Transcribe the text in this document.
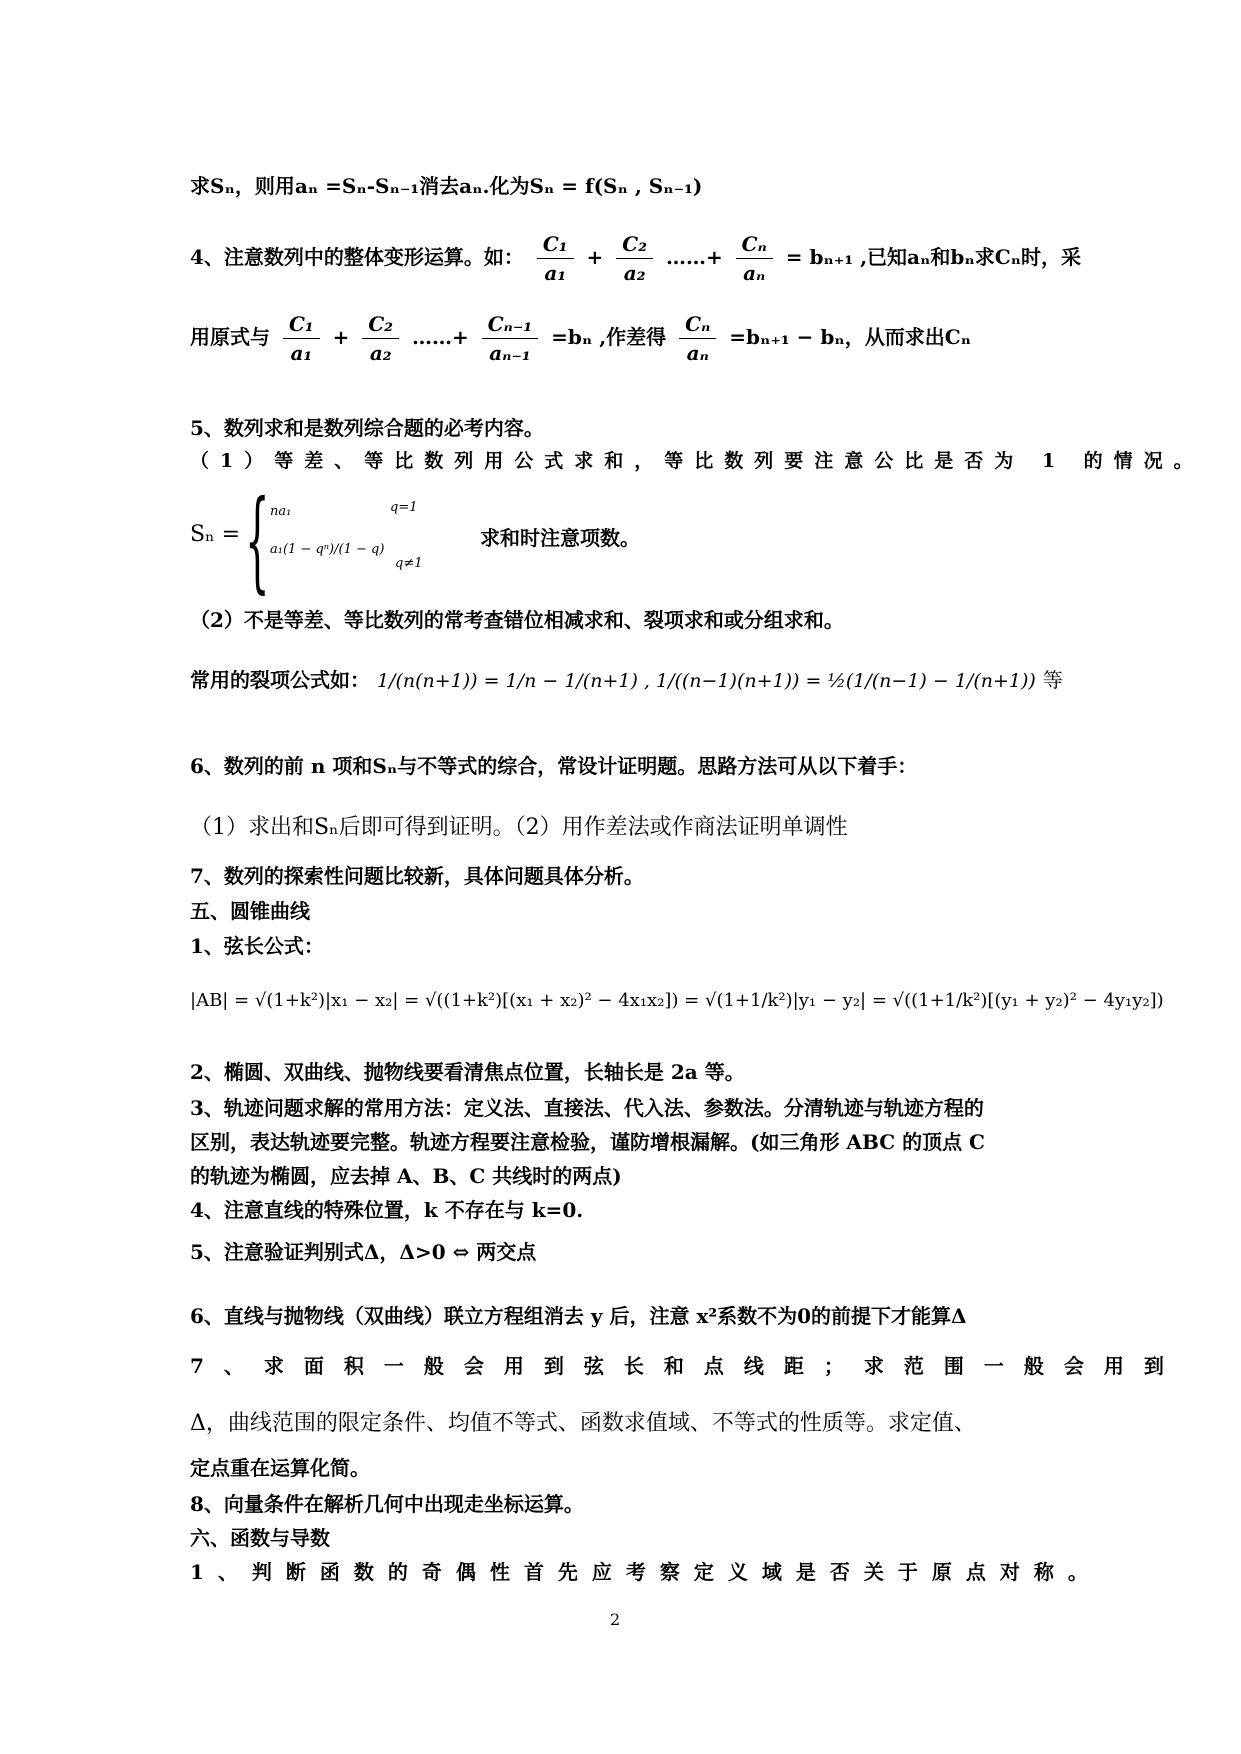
求Sₙ，则用aₙ =Sₙ-Sₙ₋₁消去aₙ.化为Sₙ = f(Sₙ , Sₙ₋₁)
4、注意数列中的整体变形运算。如： $\frac{\text{C₁}}{\text{a₁}} + \frac{\text{C₂}}{\text{a₂}}$ ……+ $\frac{\text{Cₙ}}{\text{aₙ}} = b_{n+1}$ ,已知aₙ和bₙ求Cₙ时，采
用原式与 $\frac{\text{C₁}}{\text{a₁}} + \frac{\text{C₂}}{\text{a₂}}$ ……+ $\frac{\text{Cₙ₋₁}}{\text{aₙ₋₁}} =b_n$ ,作差得 $\frac{\text{Cₙ}}{\text{aₙ}} =b_{n+1} - b_n$，从而求出Cₙ
5、数列求和是数列综合题的必考内容。
（1）等差、等比数列用公式求和，等比数列要注意公比是否为 1 的情况。
Sₙ = { na₁	q=1
a₁(1 − qⁿ)/(1 − q)
q≠1
求和时注意项数。
（2）不是等差、等比数列的常考查错位相减求和、裂项求和或分组求和。
常用的裂项公式如： 1/(n(n+1)) = 1/n − 1/(n+1) , 1/((n−1)(n+1)) = ½(1/(n−1) − 1/(n+1)) 等
6、数列的前 n 项和Sₙ与不等式的综合，常设计证明题。思路方法可从以下着手：
（1）求出和Sₙ后即可得到证明。（2）用作差法或作商法证明单调性
7、数列的探索性问题比较新，具体问题具体分析。
五、圆锥曲线
1、弦长公式：
|AB| = √(1+k²)|x₁ − x₂| = √((1+k²)[(x₁ + x₂)² − 4x₁x₂]) = √(1+1/k²)|y₁ − y₂| = √((1+1/k²)[(y₁ + y₂)² − 4y₁y₂])
2、椭圆、双曲线、抛物线要看清焦点位置，长轴长是 2a 等。
3、轨迹问题求解的常用方法：定义法、直接法、代入法、参数法。分清轨迹与轨迹方程的
区别，表达轨迹要完整。轨迹方程要注意检验，谨防增根漏解。(如三角形 ABC 的顶点 C
的轨迹为椭圆，应去掉 A、B、C 共线时的两点)
4、注意直线的特殊位置，k 不存在与 k=0.
5、注意验证判别式Δ，Δ>0 ⇔ 两交点
6、直线与抛物线（双曲线）联立方程组消去 y 后，注意 x²系数不为0的前提下才能算Δ
7、求面积一般会用到弦长和点线距；求范围一般会用到
Δ，曲线范围的限定条件、均值不等式、函数求值域、不等式的性质等。求定值、
定点重在运算化简。
8、向量条件在解析几何中出现走坐标运算。
六、函数与导数
1、判断函数的奇偶性首先应考察定义域是否关于原点对称。
2
